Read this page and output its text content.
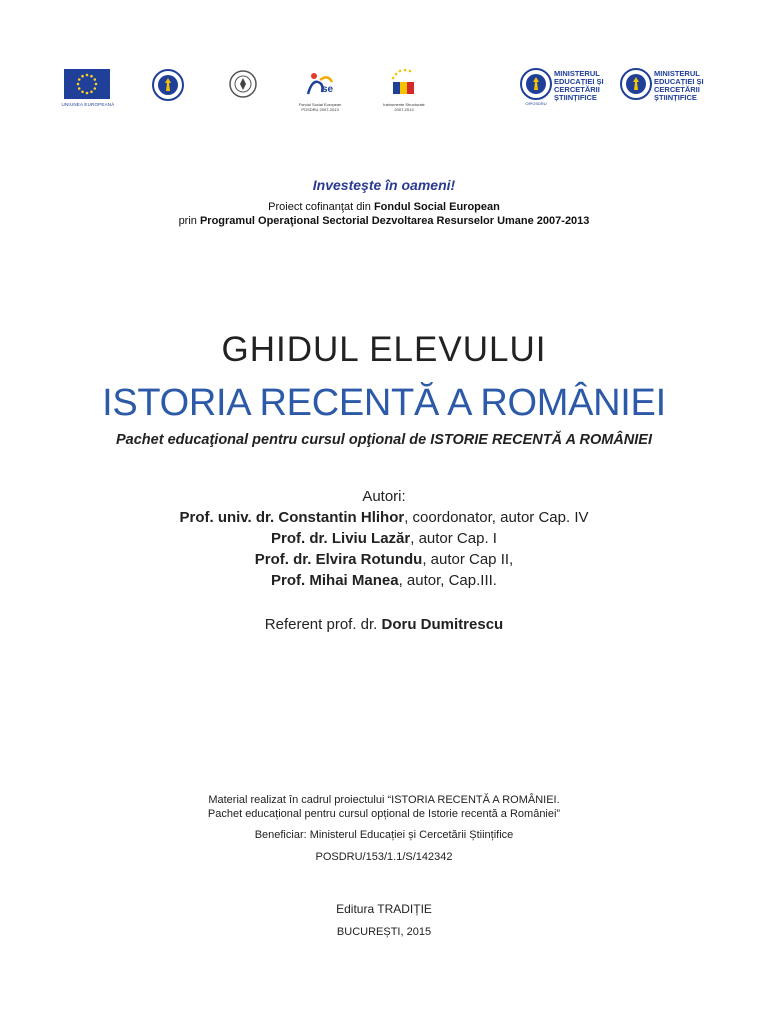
UNIUNEA EUROPEANĂ
se
Fondul Social European
POSDRU 2007-2013
Instrumente Structurale
2007-2013
MINISTERUL
EDUCAȚIEI ȘI
CERCETĂRII
ȘTIINȚIFICE
OIPOSDRU
MINISTERUL
EDUCAȚIEI ȘI
CERCETĂRII
ȘTIINȚIFICE
Investeşte în oameni!
Proiect cofinanţat din Fondul Social European
prin Programul Operaţional Sectorial Dezvoltarea Resurselor Umane 2007-2013
GHIDUL ELEVULUI
ISTORIA RECENTĂ A ROMÂNIEI
Pachet educaţional pentru cursul opţional de ISTORIE RECENTĂ A ROMÂNIEI
Autori:
Prof. univ. dr. Constantin Hlihor, coordonator, autor Cap. IV
Prof. dr. Liviu Lazăr, autor Cap. I
Prof. dr. Elvira Rotundu, autor Cap II,
Prof. Mihai Manea, autor, Cap.III.
Referent prof. dr. Doru Dumitrescu
Material realizat în cadrul proiectului “ISTORIA RECENTĂ A ROMÂNIEI.
Pachet educațional pentru cursul opțional de Istorie recentă a României”
Beneficiar: Ministerul Educației și Cercetării Științifice
POSDRU/153/1.1/S/142342
Editura TRADIȚIE
BUCUREȘTI, 2015
